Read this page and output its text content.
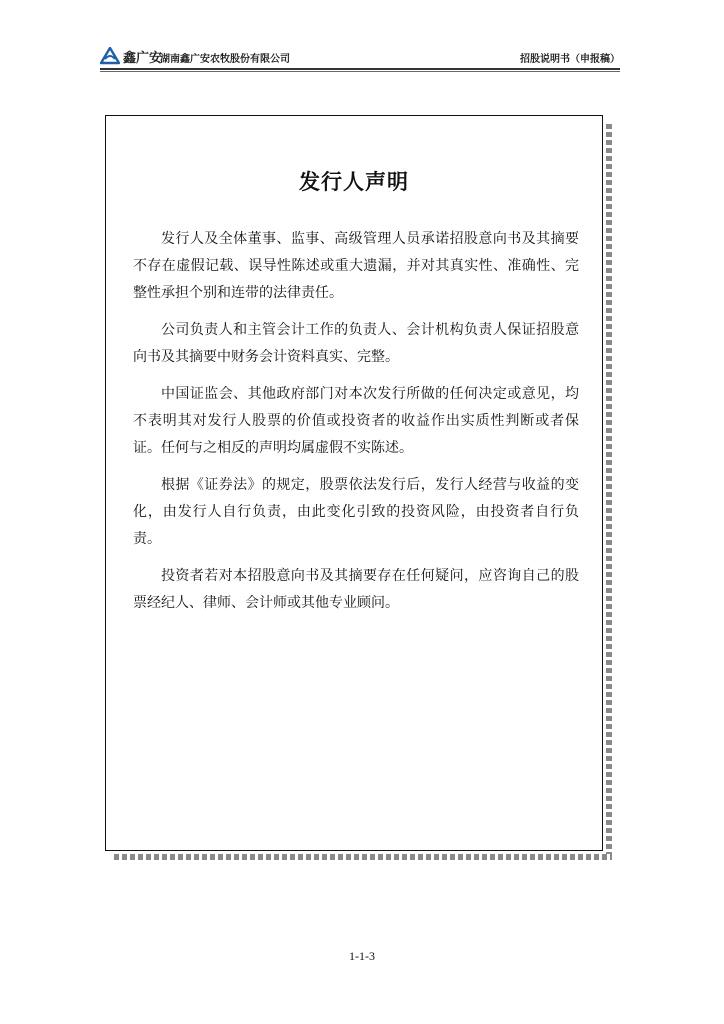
鑫广安
湖南鑫广安农牧股份有限公司	招股说明书（申报稿）
发行人声明

发行人及全体董事、监事、高级管理人员承诺招股意向书及其摘要不存在虚假记载、误导性陈述或重大遗漏，并对其真实性、准确性、完整性承担个别和连带的法律责任。

公司负责人和主管会计工作的负责人、会计机构负责人保证招股意向书及其摘要中财务会计资料真实、完整。

中国证监会、其他政府部门对本次发行所做的任何决定或意见，均不表明其对发行人股票的价值或投资者的收益作出实质性判断或者保证。任何与之相反的声明均属虚假不实陈述。

根据《证券法》的规定，股票依法发行后，发行人经营与收益的变化，由发行人自行负责，由此变化引致的投资风险，由投资者自行负责。

投资者若对本招股意向书及其摘要存在任何疑问，应咨询自己的股票经纪人、律师、会计师或其他专业顾问。

1-1-3
